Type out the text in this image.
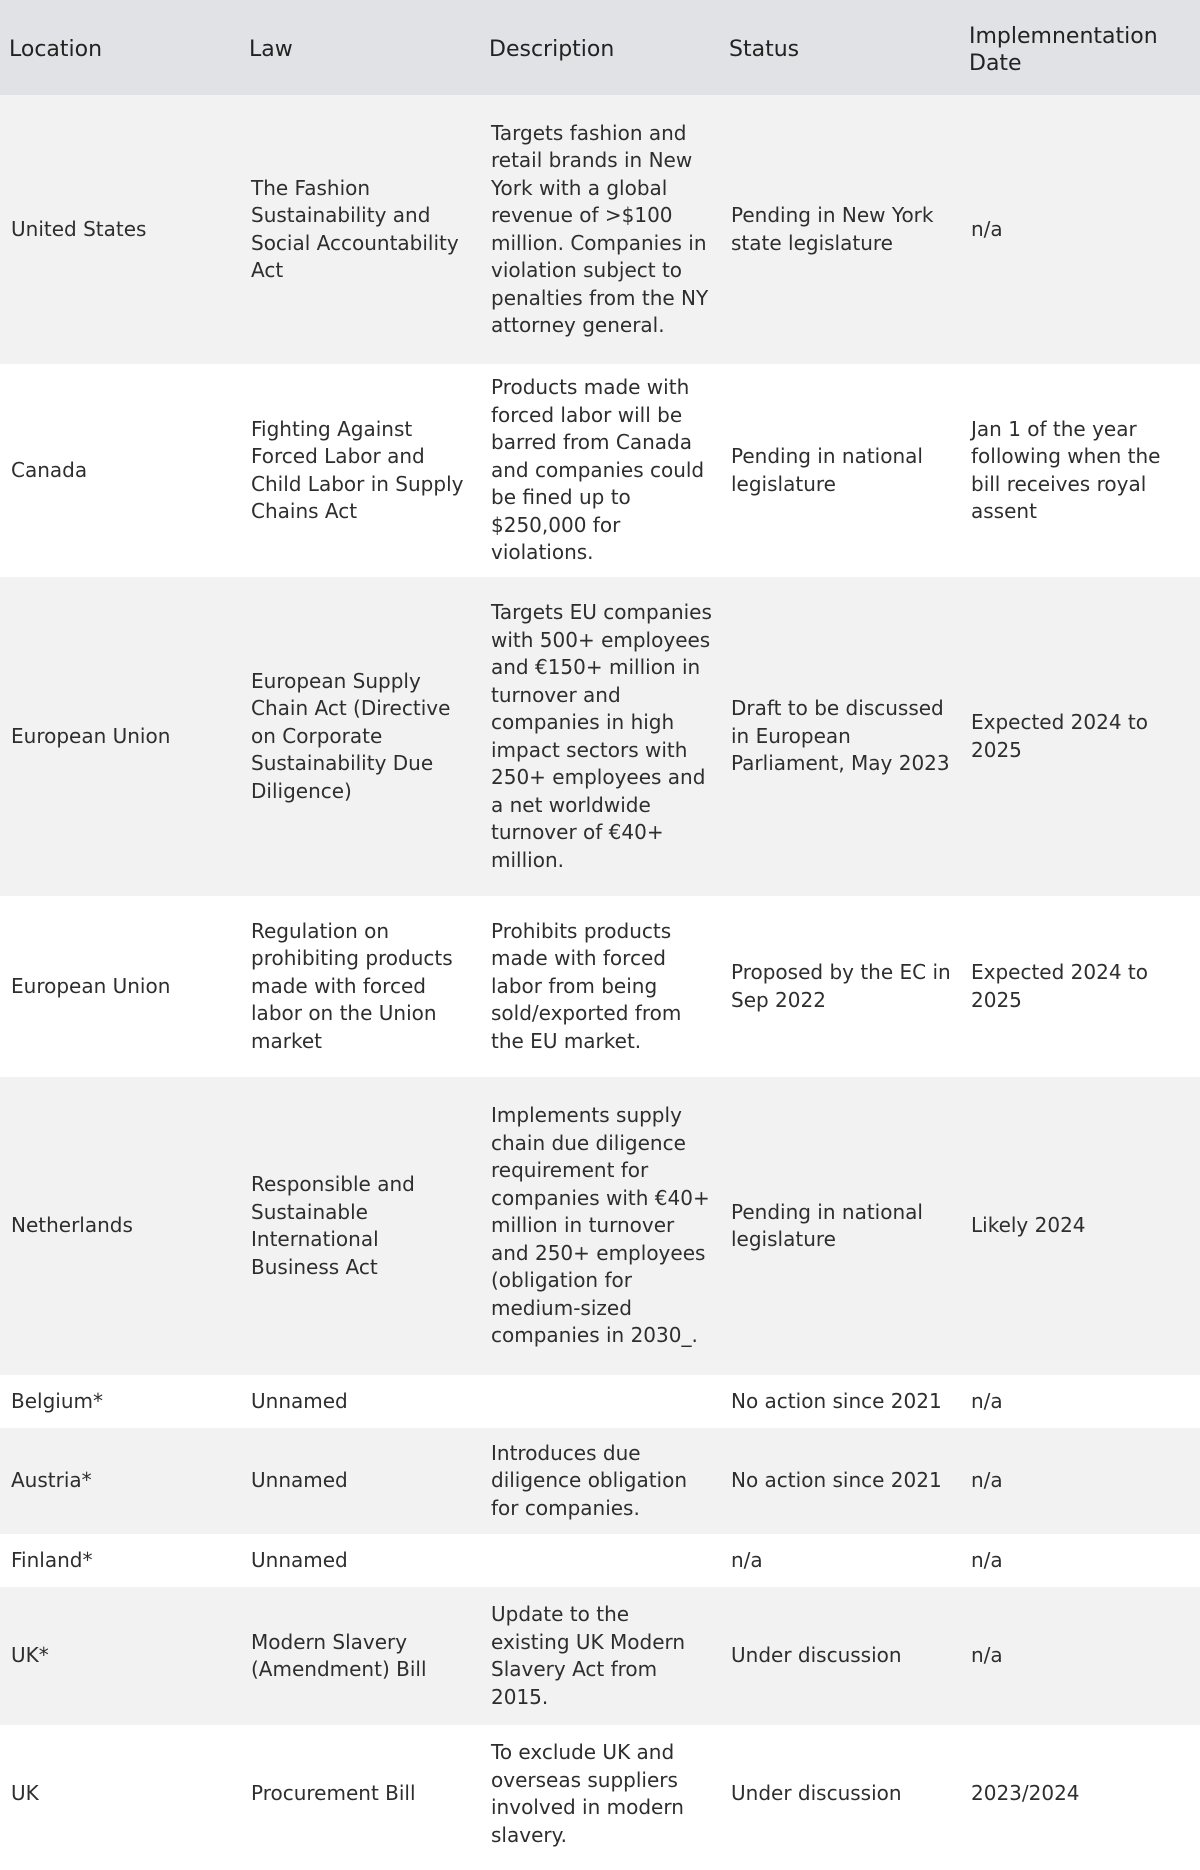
Location	Law	Description	Status	Implemnentation Date
United States	The Fashion Sustainability and Social Accountability Act	Targets fashion and retail brands in New York with a global revenue of >$100 million. Companies in violation subject to penalties from the NY attorney general.	Pending in New York state legislature	n/a
Canada	Fighting Against Forced Labor and Child Labor in Supply Chains Act	Products made with forced labor will be barred from Canada and companies could be fined up to $250,000 for violations.	Pending in national legislature	Jan 1 of the year following when the bill receives royal assent
European Union	European Supply Chain Act (Directive on Corporate Sustainability Due Diligence)	Targets EU companies with 500+ employees and €150+ million in turnover and companies in high impact sectors with 250+ employees and a net worldwide turnover of €40+ million.	Draft to be discussed in European Parliament, May 2023	Expected 2024 to 2025
European Union	Regulation on prohibiting products made with forced labor on the Union market	Prohibits products made with forced labor from being sold/exported from the EU market.	Proposed by the EC in Sep 2022	Expected 2024 to 2025
Netherlands	Responsible and Sustainable International Business Act	Implements supply chain due diligence requirement for companies with €40+ million in turnover and 250+ employees (obligation for medium-sized companies in 2030_.	Pending in national legislature	Likely 2024
Belgium*	Unnamed		No action since 2021	n/a
Austria*	Unnamed	Introduces due diligence obligation for companies.	No action since 2021	n/a
Finland*	Unnamed		n/a	n/a
UK*	Modern Slavery (Amendment) Bill	Update to the existing UK Modern Slavery Act from 2015.	Under discussion	n/a
UK	Procurement Bill	To exclude UK and overseas suppliers involved in modern slavery.	Under discussion	2023/2024
